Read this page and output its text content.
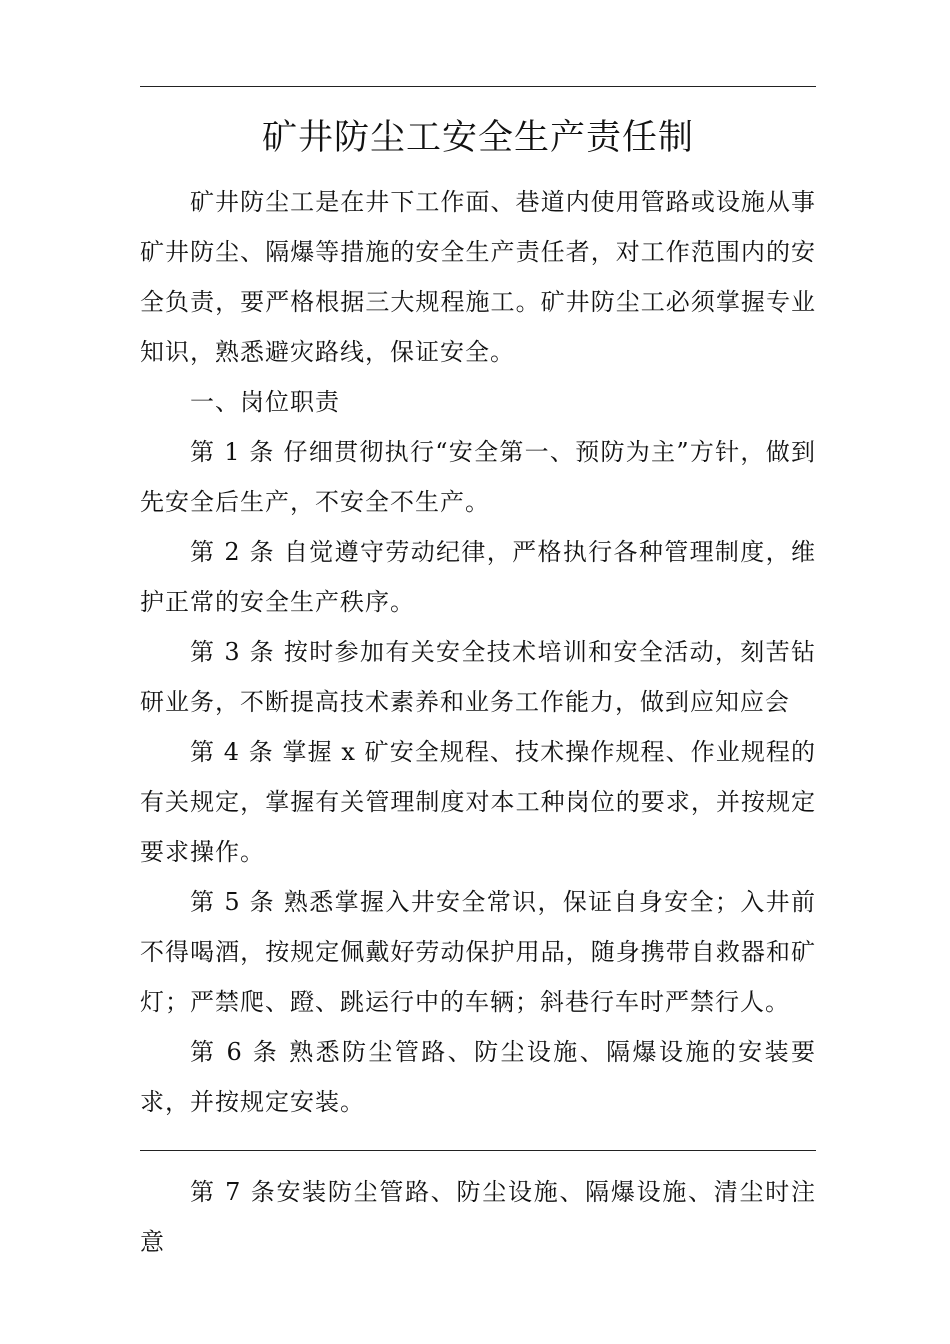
矿井防尘工安全生产责任制

矿井防尘工是在井下工作面、巷道内使用管路或设施从事矿井防尘、隔爆等措施的安全生产责任者，对工作范围内的安全负责，要严格根据三大规程施工。矿井防尘工必须掌握专业知识，熟悉避灾路线，保证安全。

一、岗位职责

第 1 条 仔细贯彻执行“安全第一、预防为主”方针，做到先安全后生产，不安全不生产。

第 2 条 自觉遵守劳动纪律，严格执行各种管理制度，维护正常的安全生产秩序。

第 3 条 按时参加有关安全技术培训和安全活动，刻苦钻研业务，不断提高技术素养和业务工作能力，做到应知应会

第 4 条 掌握 x 矿安全规程、技术操作规程、作业规程的有关规定，掌握有关管理制度对本工种岗位的要求，并按规定要求操作。

第 5 条 熟悉掌握入井安全常识，保证自身安全；入井前不得喝酒，按规定佩戴好劳动保护用品，随身携带自救器和矿灯；严禁爬、蹬、跳运行中的车辆；斜巷行车时严禁行人。

第 6 条 熟悉防尘管路、防尘设施、隔爆设施的安装要求，并按规定安装。

第 7 条安装防尘管路、防尘设施、隔爆设施、清尘时注意
